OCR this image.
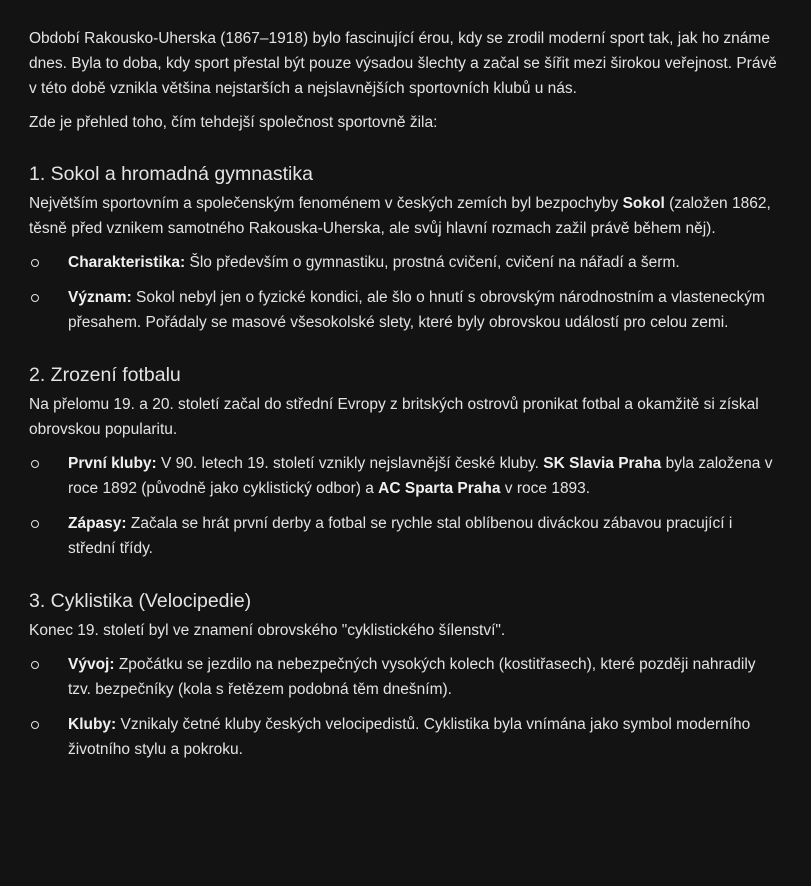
Období Rakousko-Uherska (1867–1918) bylo fascinující érou, kdy se zrodil moderní sport tak, jak ho známe dnes. Byla to doba, kdy sport přestal být pouze výsadou šlechty a začal se šířit mezi širokou veřejnost. Právě v této době vznikla většina nejstarších a nejslavnějších sportovních klubů u nás.

Zde je přehled toho, čím tehdejší společnost sportovně žila:

1. Sokol a hromadná gymnastika

Největším sportovním a společenským fenoménem v českých zemích byl bezpochyby Sokol (založen 1862, těsně před vznikem samotného Rakouska-Uherska, ale svůj hlavní rozmach zažil právě během něj).

Charakteristika: Šlo především o gymnastiku, prostná cvičení, cvičení na nářadí a šerm.
Význam: Sokol nebyl jen o fyzické kondici, ale šlo o hnutí s obrovským národnostním a vlasteneckým přesahem. Pořádaly se masové všesokolské slety, které byly obrovskou událostí pro celou zemi.
2. Zrození fotbalu

Na přelomu 19. a 20. století začal do střední Evropy z britských ostrovů pronikat fotbal a okamžitě si získal obrovskou popularitu.

První kluby: V 90. letech 19. století vznikly nejslavnější české kluby. SK Slavia Praha byla založena v roce 1892 (původně jako cyklistický odbor) a AC Sparta Praha v roce 1893.
Zápasy: Začala se hrát první derby a fotbal se rychle stal oblíbenou diváckou zábavou pracující i střední třídy.
3. Cyklistika (Velocipedie)

Konec 19. století byl ve znamení obrovského "cyklistického šílenství".

Vývoj: Zpočátku se jezdilo na nebezpečných vysokých kolech (kostitřasech), které později nahradily tzv. bezpečníky (kola s řetězem podobná těm dnešním).
Kluby: Vznikaly četné kluby českých velocipedistů. Cyklistika byla vnímána jako symbol moderního životního stylu a pokroku.
